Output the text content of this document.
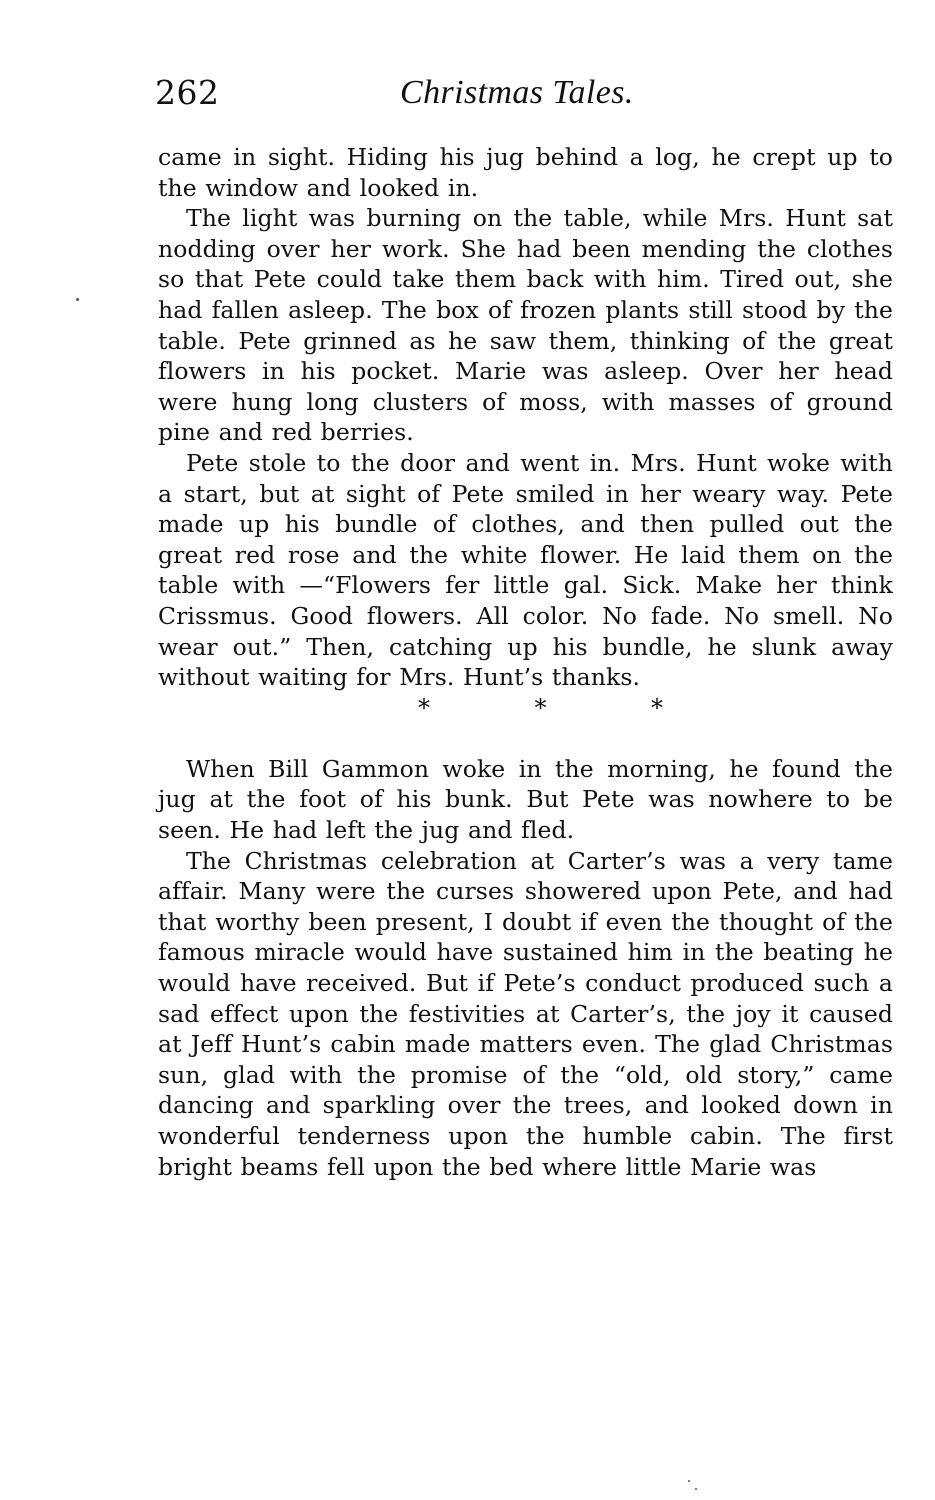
262	Christmas Tales.

came in sight. Hiding his jug behind a log, he crept up to the window and looked in.

The light was burning on the table, while Mrs. Hunt sat nodding over her work. She had been mending the clothes so that Pete could take them back with him. Tired out, she had fallen asleep. The box of frozen plants still stood by the table. Pete grinned as he saw them, thinking of the great flowers in his pocket. Marie was asleep. Over her head were hung long clusters of moss, with masses of ground pine and red berries.

Pete stole to the door and went in. Mrs. Hunt woke with a start, but at sight of Pete smiled in her weary way. Pete made up his bundle of clothes, and then pulled out the great red rose and the white flower. He laid them on the table with —“Flowers fer little gal. Sick. Make her think Crissmus. Good flowers. All color. No fade. No smell. No wear out.” Then, catching up his bundle, he slunk away without waiting for Mrs. Hunt’s thanks.

*	*	*

When Bill Gammon woke in the morning, he found the jug at the foot of his bunk. But Pete was nowhere to be seen. He had left the jug and fled.

The Christmas celebration at Carter’s was a very tame affair. Many were the curses showered upon Pete, and had that worthy been present, I doubt if even the thought of the famous miracle would have sustained him in the beating he would have received. But if Pete’s conduct produced such a sad effect upon the festivities at Carter’s, the joy it caused at Jeff Hunt’s cabin made matters even. The glad Christmas sun, glad with the promise of the “old, old story,” came dancing and sparkling over the trees, and looked down in wonderful tenderness upon the humble cabin. The first bright beams fell upon the bed where little Marie was
